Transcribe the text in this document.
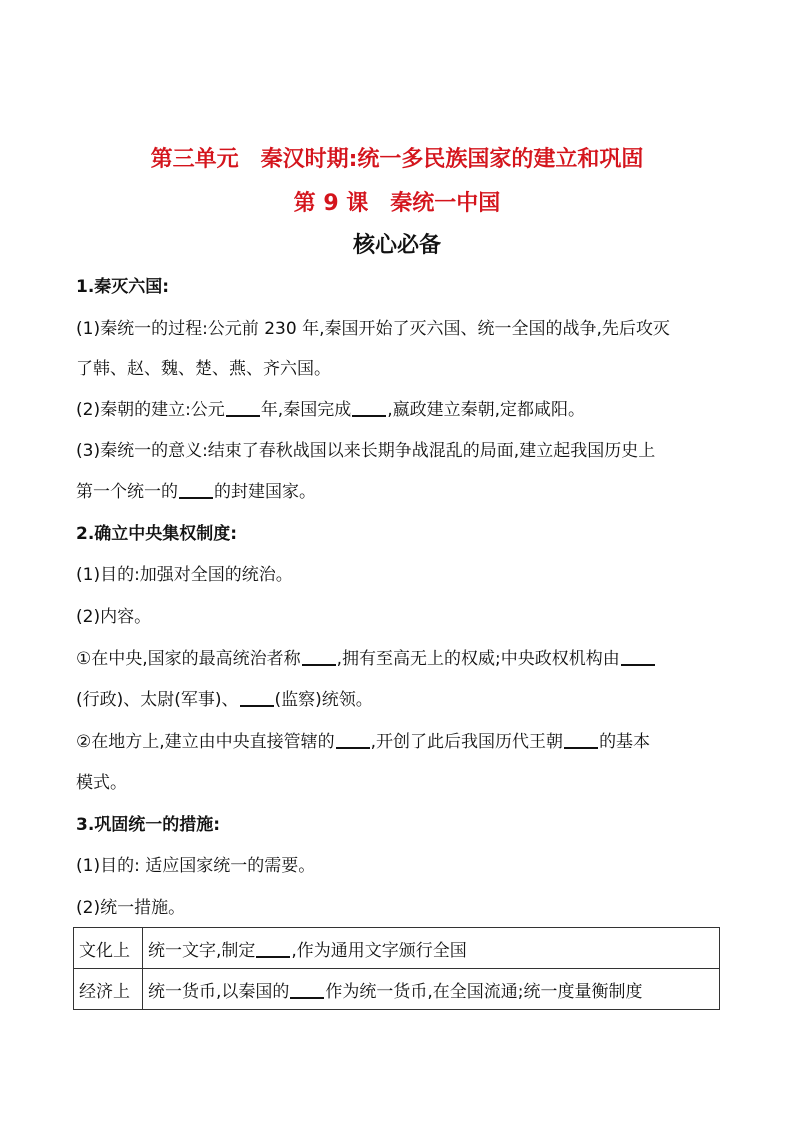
第三单元　秦汉时期:统一多民族国家的建立和巩固
第 9 课　秦统一中国
核心必备
1.秦灭六国:
(1)秦统一的过程:公元前 230 年,秦国开始了灭六国、统一全国的战争,先后攻灭
了韩、赵、魏、楚、燕、齐六国。
(2)秦朝的建立:公元 年,秦国完成 ,嬴政建立秦朝,定都咸阳。
(3)秦统一的意义:结束了春秋战国以来长期争战混乱的局面,建立起我国历史上
第一个统一的 的封建国家。
2.确立中央集权制度:
(1)目的:加强对全国的统治。
(2)内容。
①在中央,国家的最高统治者称 ,拥有至高无上的权威;中央政权机构由
(行政)、太尉(军事)、 (监察)统领。
②在地方上,建立由中央直接管辖的 ,开创了此后我国历代王朝 的基本
模式。
3.巩固统一的措施:
(1)目的: 适应国家统一的需要。
(2)统一措施。
文化上	统一文字,制定 ,作为通用文字颁行全国
经济上	统一货币,以秦国的 作为统一货币,在全国流通;统一度量衡制度
